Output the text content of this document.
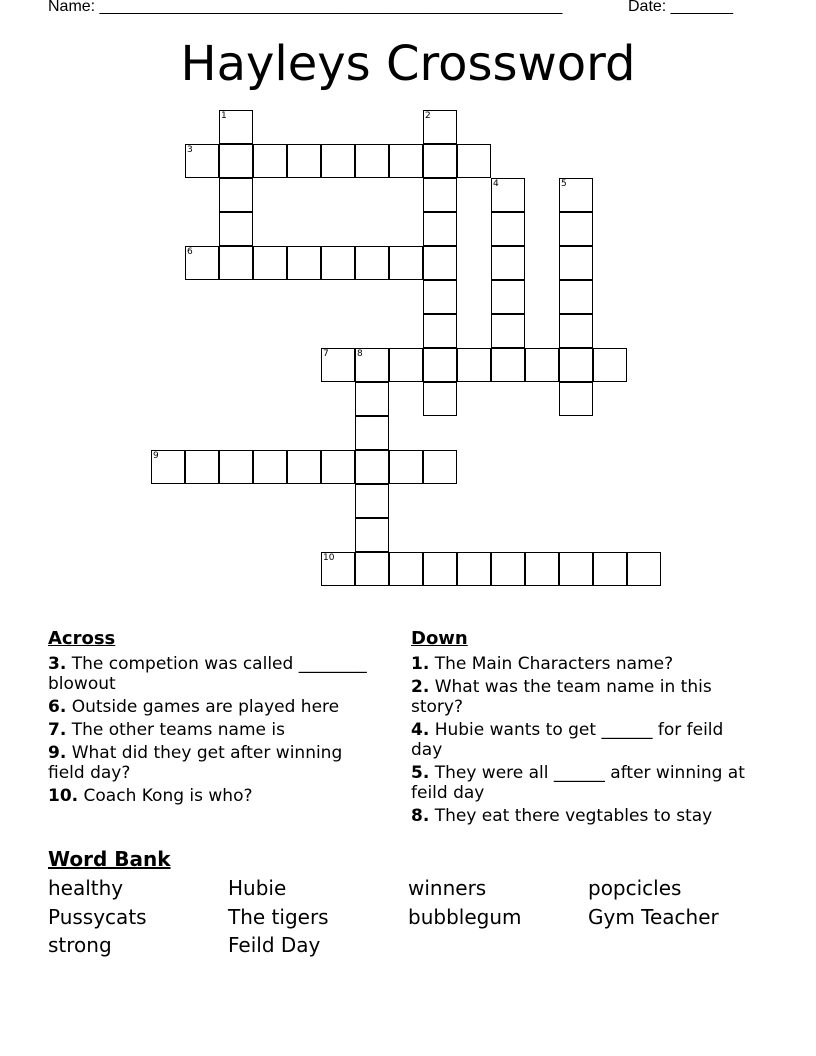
Name: ____________________________________________________	Date: _______
Hayleys Crossword
1	2
3
4	5
6
7	8
9
10
Across
3. The competion was called ________ blowout
6. Outside games are played here
7. The other teams name is
9. What did they get after winning field day?
10. Coach Kong is who?
Down
1. The Main Characters name?
2. What was the team name in this story?
4. Hubie wants to get ______ for feild day
5. They were all ______ after winning at feild day
8. They eat there vegtables to stay
Word Bank
healthy	Hubie	winners	popcicles
Pussycats	The tigers	bubblegum	Gym Teacher
strong	Feild Day
